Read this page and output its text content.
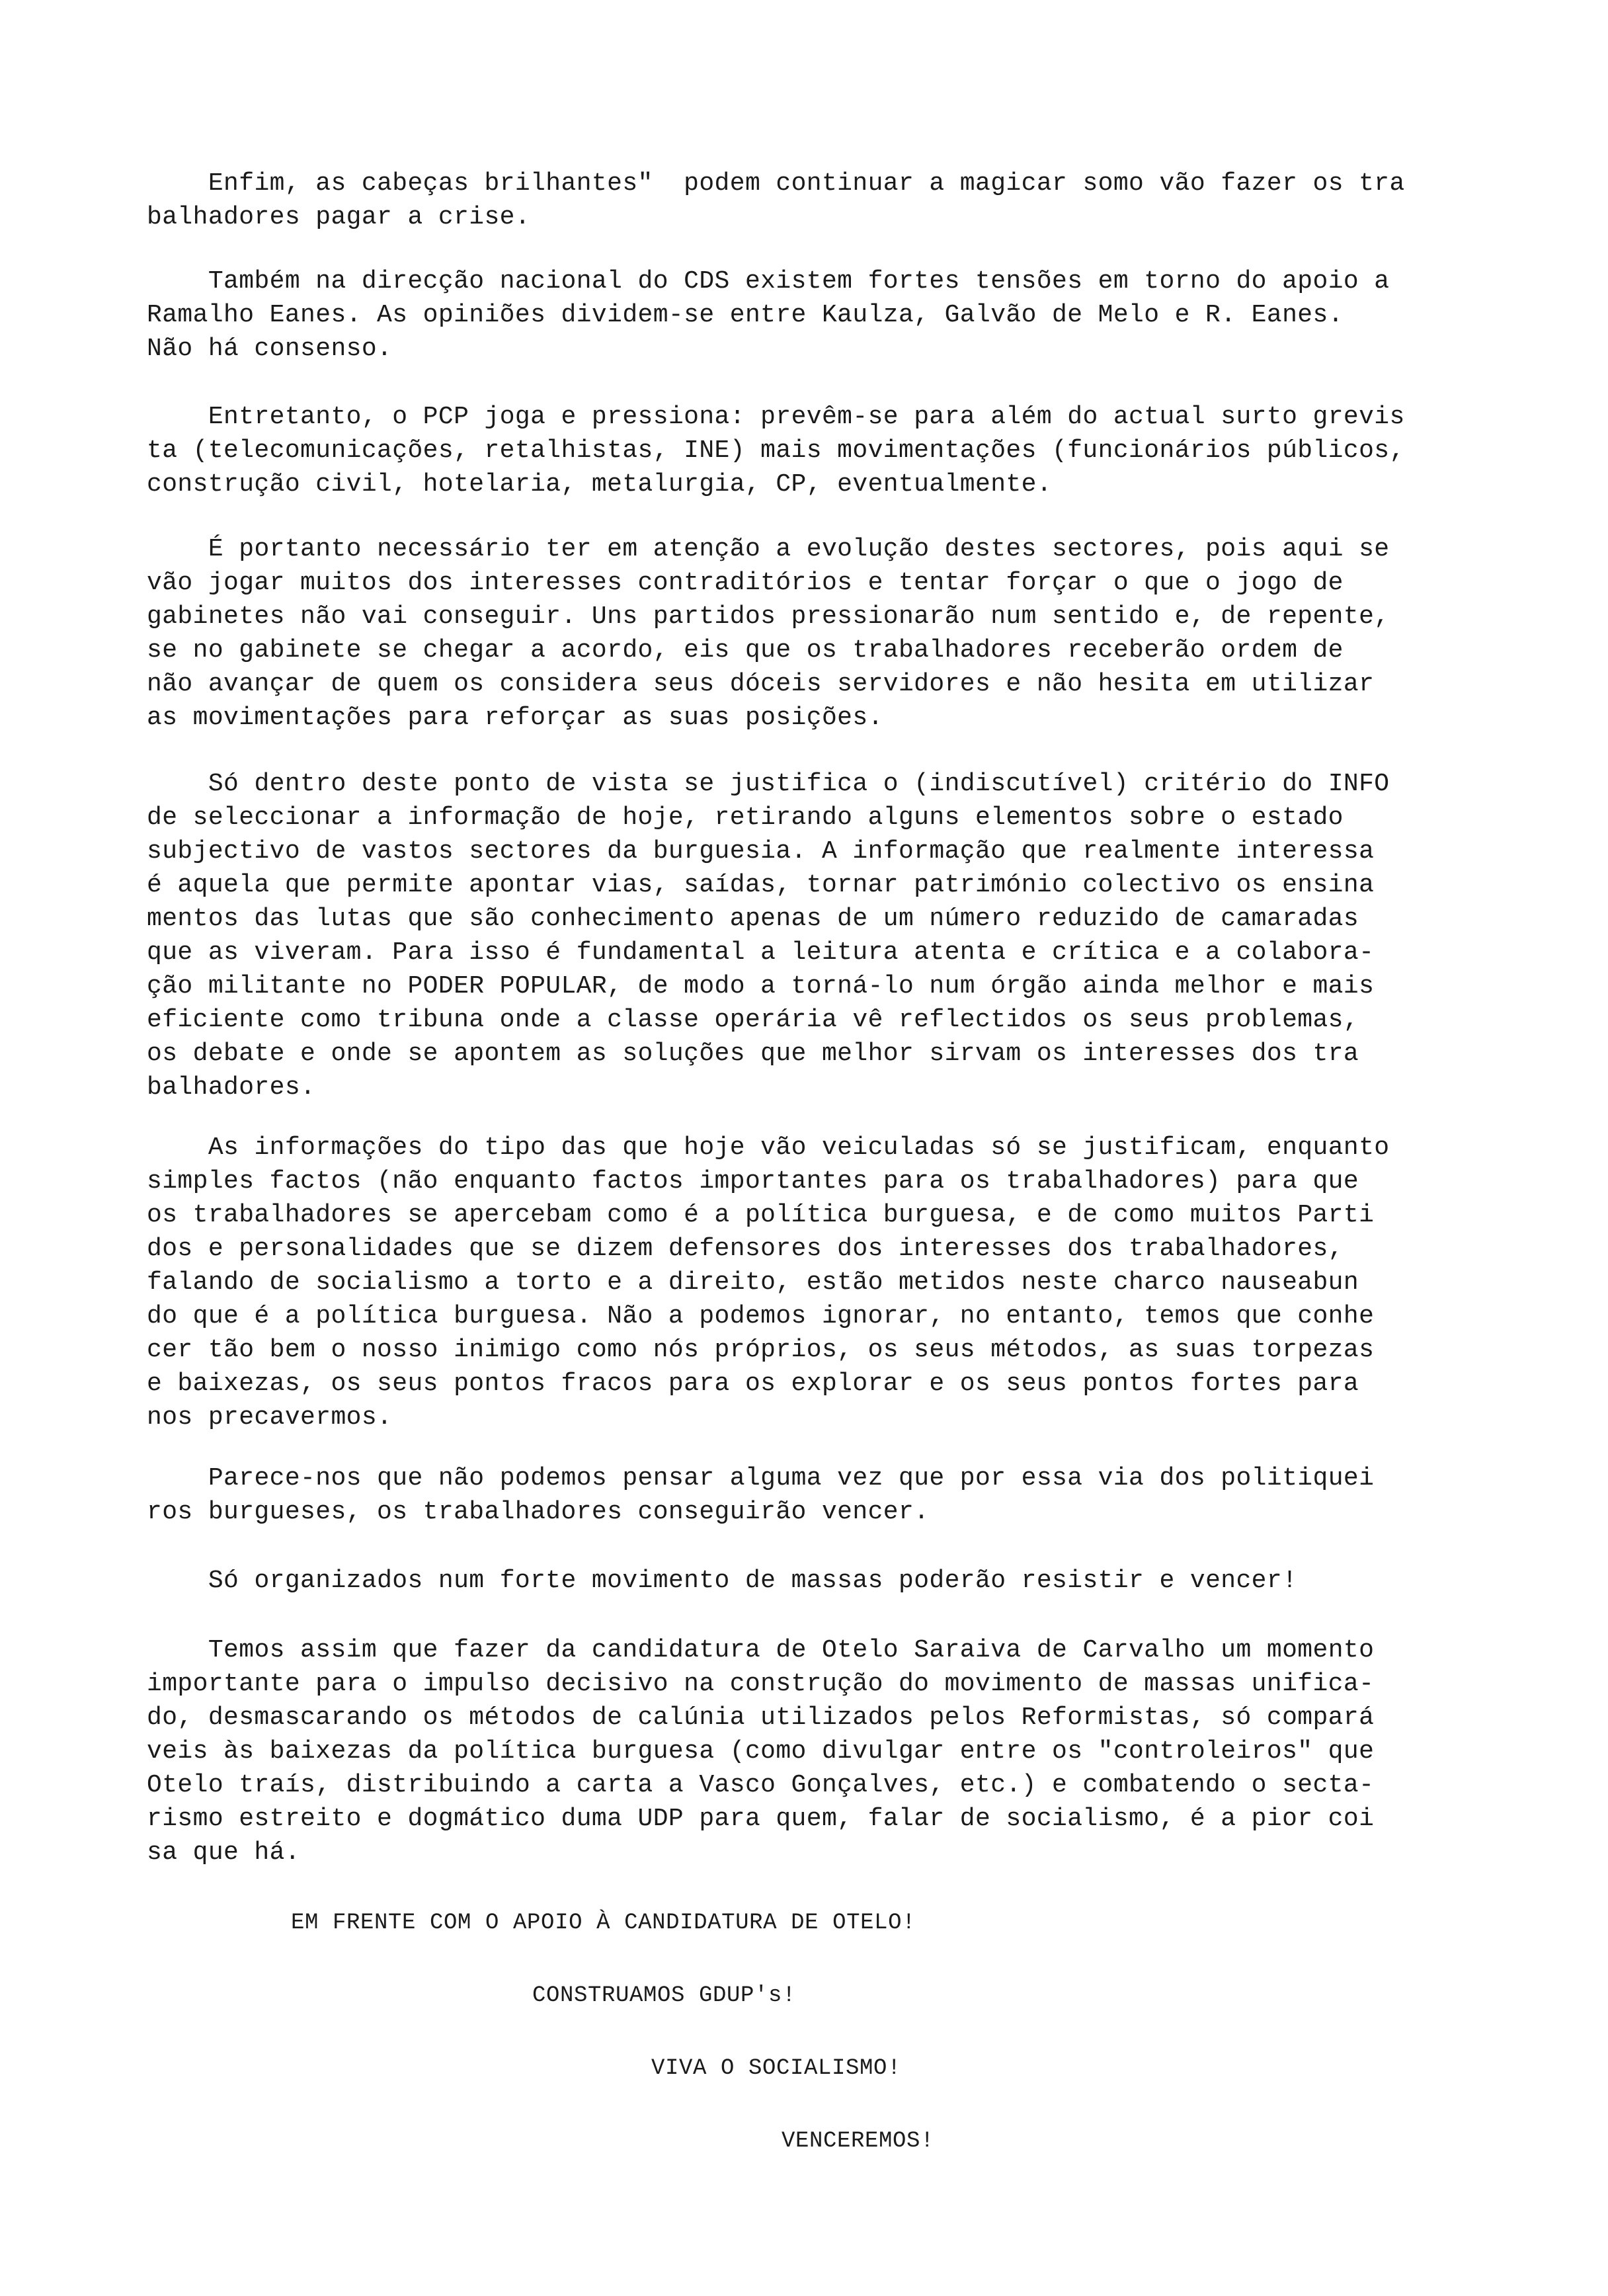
Enfim, as cabeças brilhantes"  podem continuar a magicar somo vão fazer os tra
balhadores pagar a crise.
Também na direcção nacional do CDS existem fortes tensões em torno do apoio a
Ramalho Eanes. As opiniões dividem-se entre Kaulza, Galvão de Melo e R. Eanes.
Não há consenso.
Entretanto, o PCP joga e pressiona: prevêm-se para além do actual surto grevis
ta (telecomunicações, retalhistas, INE) mais movimentações (funcionários públicos,
construção civil, hotelaria, metalurgia, CP, eventualmente.
É portanto necessário ter em atenção a evolução destes sectores, pois aqui se
vão jogar muitos dos interesses contraditórios e tentar forçar o que o jogo de
gabinetes não vai conseguir. Uns partidos pressionarão num sentido e, de repente,
se no gabinete se chegar a acordo, eis que os trabalhadores receberão ordem de
não avançar de quem os considera seus dóceis servidores e não hesita em utilizar
as movimentações para reforçar as suas posições.
Só dentro deste ponto de vista se justifica o (indiscutível) critério do INFO
de seleccionar a informação de hoje, retirando alguns elementos sobre o estado
subjectivo de vastos sectores da burguesia. A informação que realmente interessa
é aquela que permite apontar vias, saídas, tornar património colectivo os ensina
mentos das lutas que são conhecimento apenas de um número reduzido de camaradas
que as viveram. Para isso é fundamental a leitura atenta e crítica e a colabora-
ção militante no PODER POPULAR, de modo a torná-lo num órgão ainda melhor e mais
eficiente como tribuna onde a classe operária vê reflectidos os seus problemas,
os debate e onde se apontem as soluções que melhor sirvam os interesses dos tra
balhadores.
As informações do tipo das que hoje vão veiculadas só se justificam, enquanto
simples factos (não enquanto factos importantes para os trabalhadores) para que
os trabalhadores se apercebam como é a política burguesa, e de como muitos Parti
dos e personalidades que se dizem defensores dos interesses dos trabalhadores,
falando de socialismo a torto e a direito, estão metidos neste charco nauseabun
do que é a política burguesa. Não a podemos ignorar, no entanto, temos que conhe
cer tão bem o nosso inimigo como nós próprios, os seus métodos, as suas torpezas
e baixezas, os seus pontos fracos para os explorar e os seus pontos fortes para
nos precavermos.
Parece-nos que não podemos pensar alguma vez que por essa via dos politiquei
ros burgueses, os trabalhadores conseguirão vencer.
Só organizados num forte movimento de massas poderão resistir e vencer!
Temos assim que fazer da candidatura de Otelo Saraiva de Carvalho um momento
importante para o impulso decisivo na construção do movimento de massas unifica-
do, desmascarando os métodos de calúnia utilizados pelos Reformistas, só compará
veis às baixezas da política burguesa (como divulgar entre os "controleiros" que
Otelo traís, distribuindo a carta a Vasco Gonçalves, etc.) e combatendo o secta-
rismo estreito e dogmático duma UDP para quem, falar de socialismo, é a pior coi
sa que há.
EM FRENTE COM O APOIO À CANDIDATURA DE OTELO!
CONSTRUAMOS GDUP's!
VIVA O SOCIALISMO!
VENCEREMOS!
